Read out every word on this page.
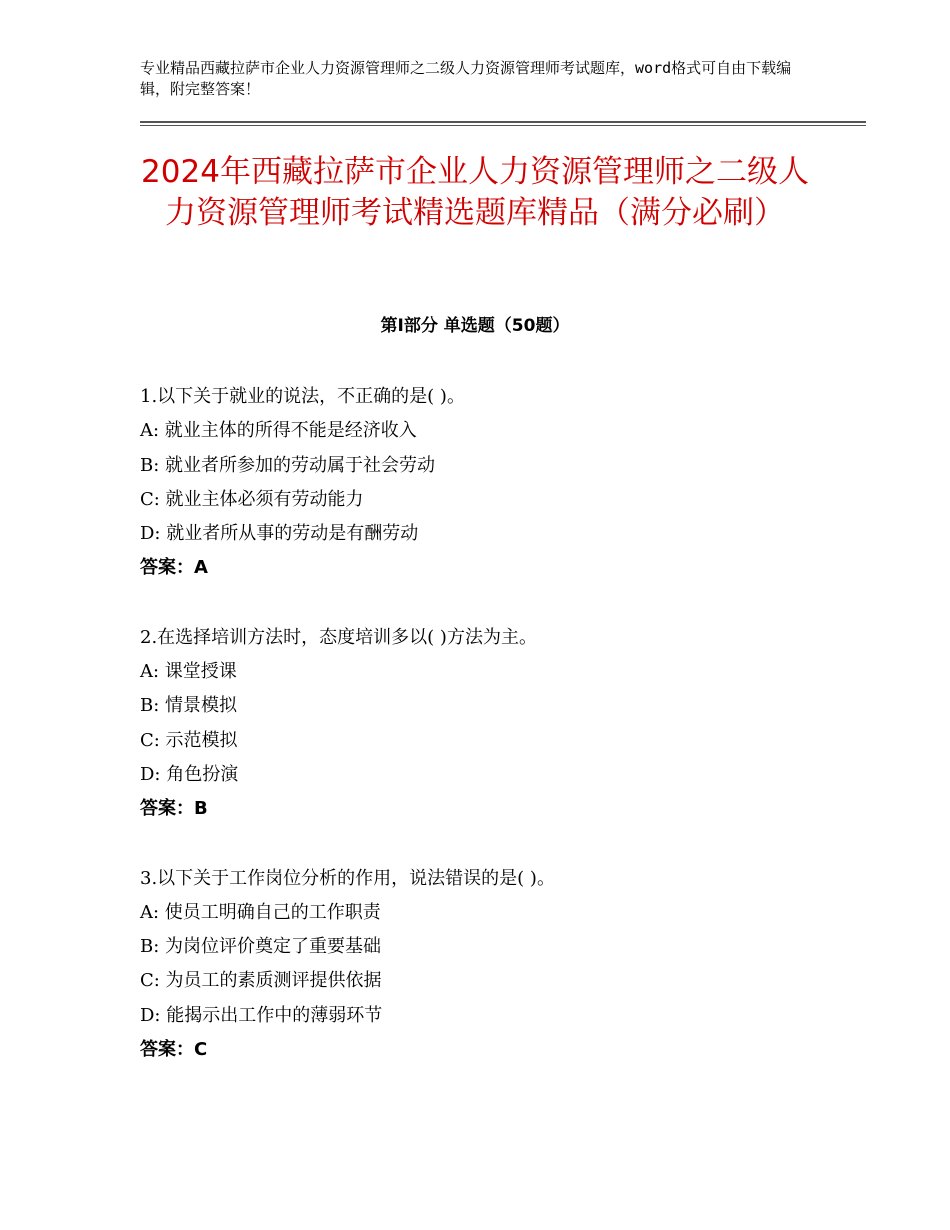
专业精品西藏拉萨市企业人力资源管理师之二级人力资源管理师考试题库，word格式可自由下载编辑，附完整答案！
2024年西藏拉萨市企业人力资源管理师之二级人力资源管理师考试精选题库精品（满分必刷）
第Ⅰ部分 单选题（50题）
1.以下关于就业的说法，不正确的是( )。
A: 就业主体的所得不能是经济收入
B: 就业者所参加的劳动属于社会劳动
C: 就业主体必须有劳动能力
D: 就业者所从事的劳动是有酬劳动
答案：A
2.在选择培训方法时，态度培训多以( )方法为主。
A: 课堂授课
B: 情景模拟
C: 示范模拟
D: 角色扮演
答案：B
3.以下关于工作岗位分析的作用，说法错误的是( )。
A: 使员工明确自己的工作职责
B: 为岗位评价奠定了重要基础
C: 为员工的素质测评提供依据
D: 能揭示出工作中的薄弱环节
答案：C
